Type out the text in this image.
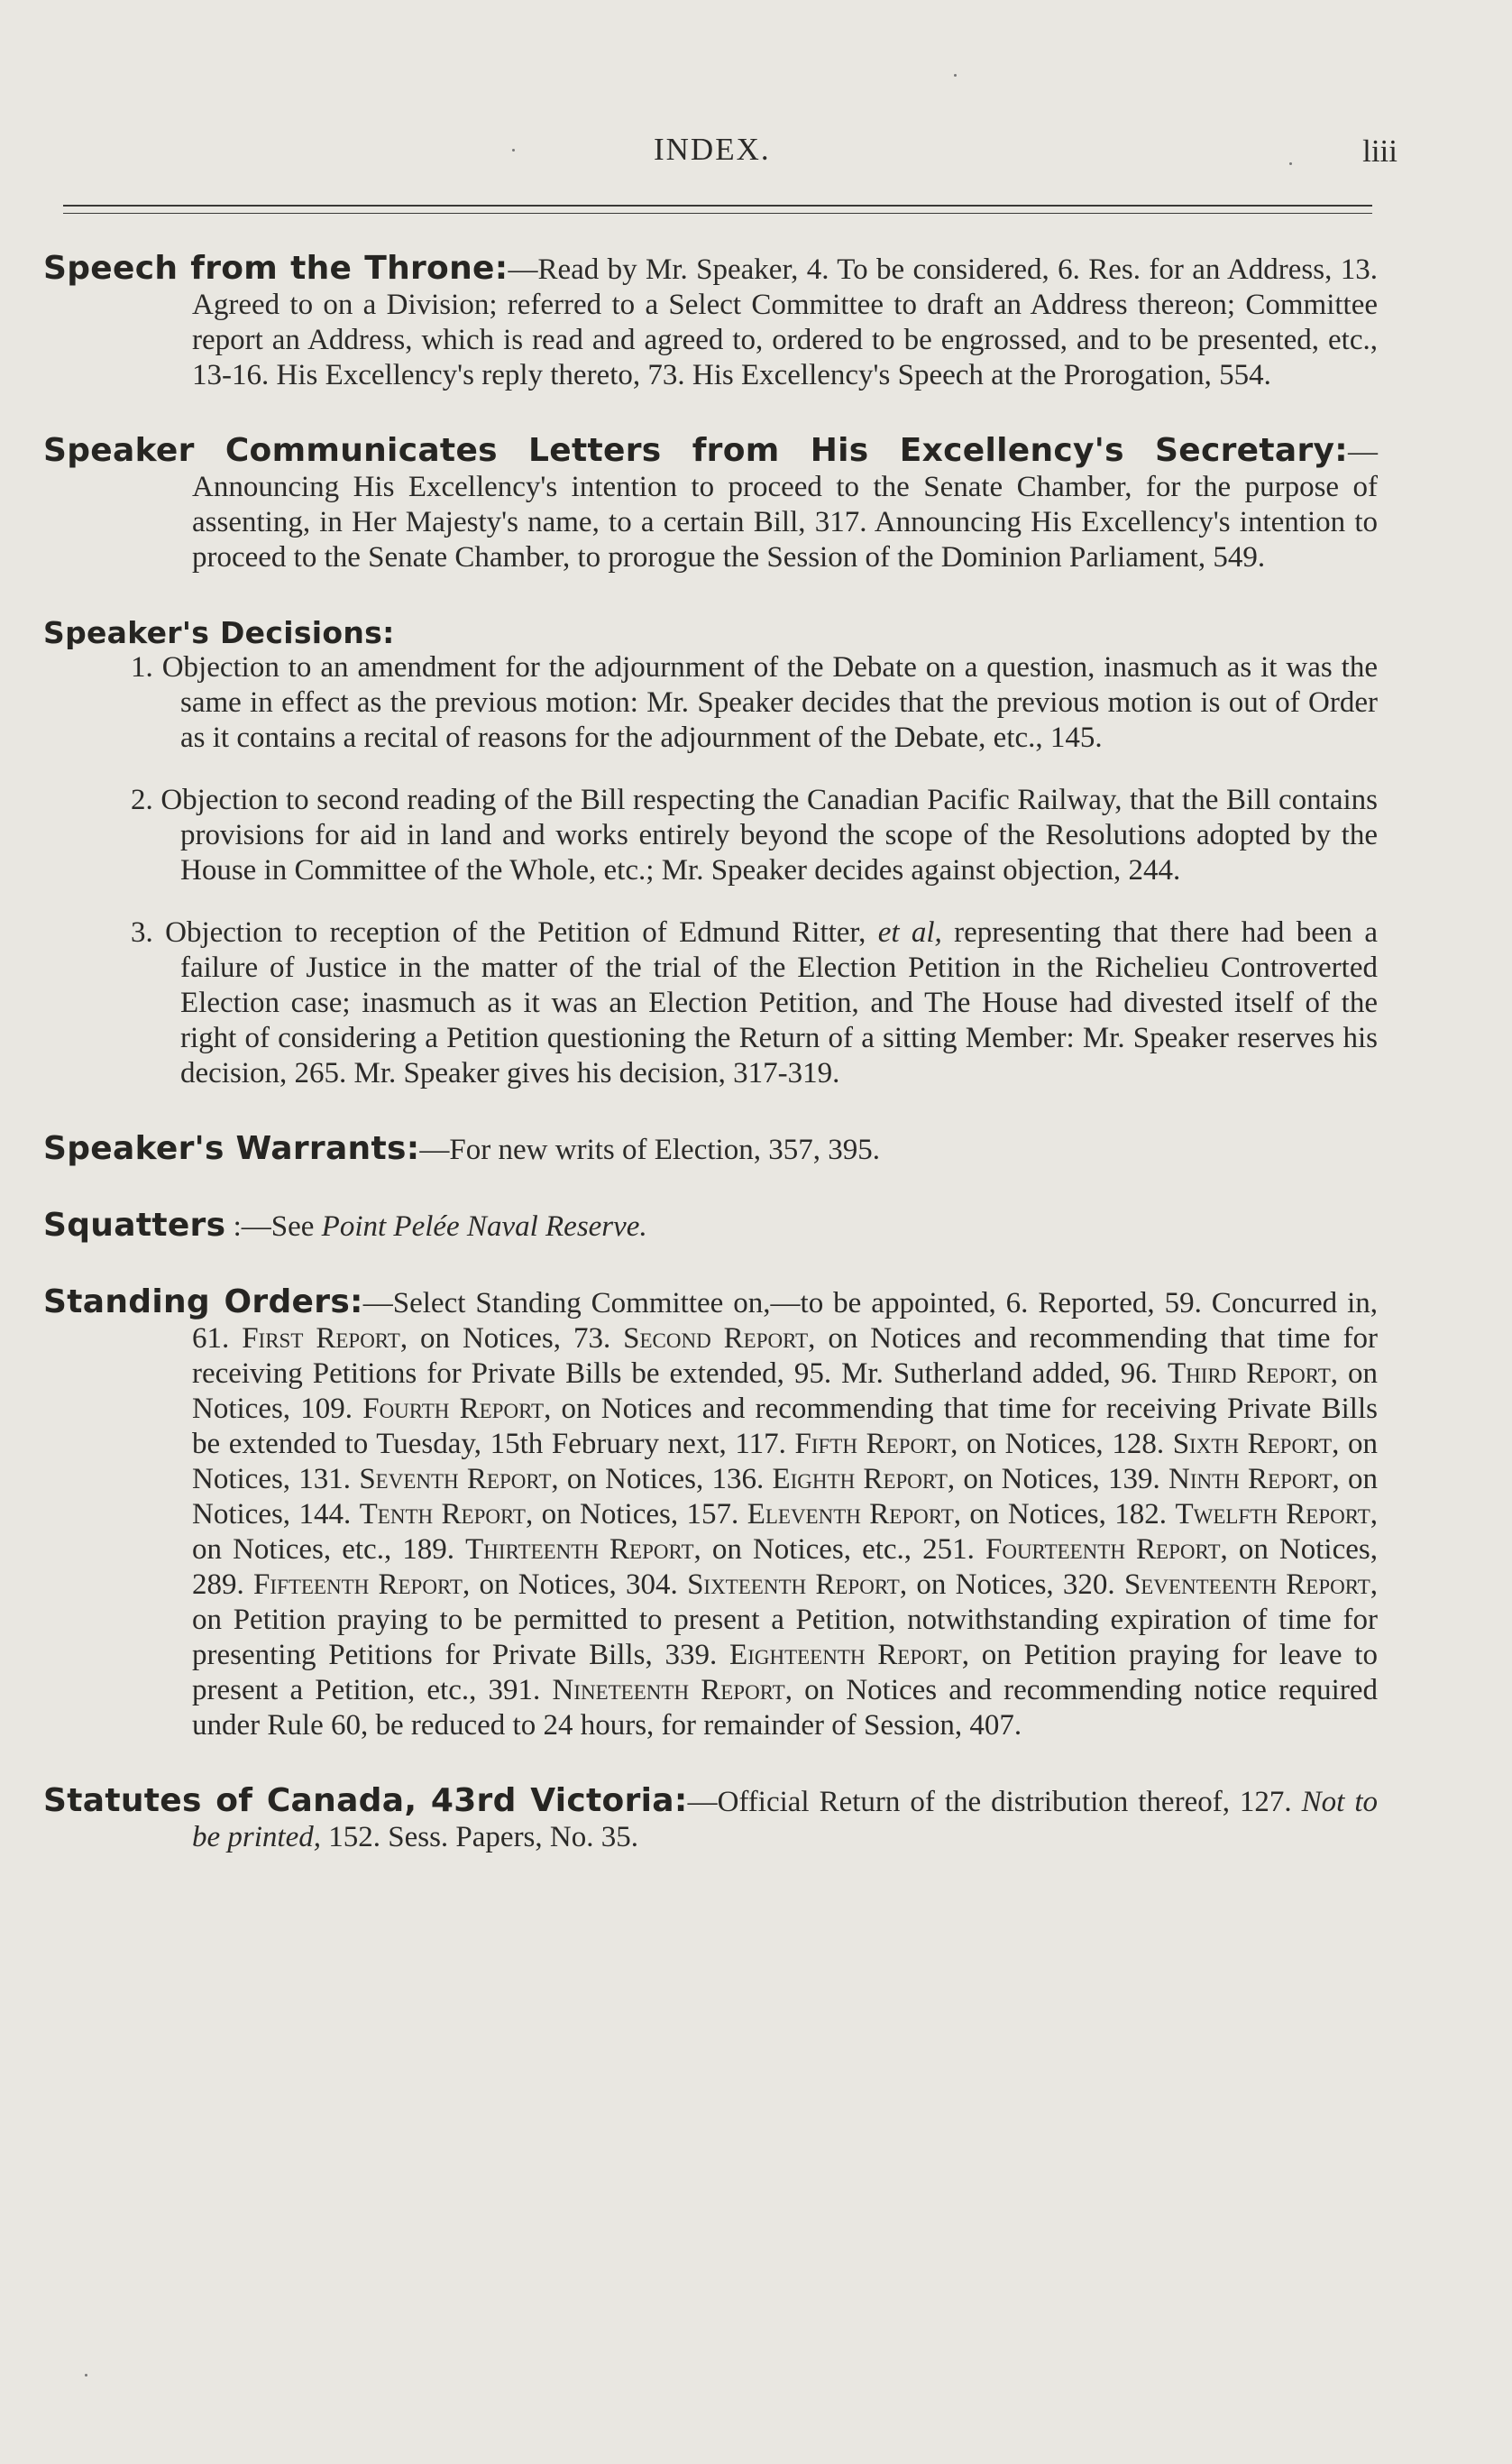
INDEX.	liii

Speech from the Throne:—Read by Mr. Speaker, 4. To be considered, 6. Res. for an Address, 13. Agreed to on a Division; referred to a Select Committee to draft an Address thereon; Committee report an Address, which is read and agreed to, ordered to be engrossed, and to be presented, etc., 13-16. His Excellency's reply thereto, 73. His Excellency's Speech at the Prorogation, 554.

Speaker Communicates Letters from His Excellency's Secretary:— Announcing His Excellency's intention to proceed to the Senate Chamber, for the purpose of assenting, in Her Majesty's name, to a certain Bill, 317. Announcing His Excellency's intention to proceed to the Senate Chamber, to prorogue the Session of the Dominion Parliament, 549.

Speaker's Decisions:

1. Objection to an amendment for the adjournment of the Debate on a question, inasmuch as it was the same in effect as the previous motion: Mr. Speaker decides that the previous motion is out of Order as it contains a recital of reasons for the adjournment of the Debate, etc., 145.

2. Objection to second reading of the Bill respecting the Canadian Pacific Railway, that the Bill contains provisions for aid in land and works entirely beyond the scope of the Resolutions adopted by the House in Committee of the Whole, etc.; Mr. Speaker decides against objection, 244.

3. Objection to reception of the Petition of Edmund Ritter, et al, representing that there had been a failure of Justice in the matter of the trial of the Election Petition in the Richelieu Controverted Election case; inasmuch as it was an Election Petition, and The House had divested itself of the right of considering a Petition questioning the Return of a sitting Member: Mr. Speaker reserves his decision, 265. Mr. Speaker gives his decision, 317-319.

Speaker's Warrants:—For new writs of Election, 357, 395.

Squatters :—See Point Pelée Naval Reserve.

Standing Orders:—Select Standing Committee on,—to be appointed, 6. Reported, 59. Concurred in, 61. First Report, on Notices, 73. Second Report, on Notices and recommending that time for receiving Petitions for Private Bills be extended, 95. Mr. Sutherland added, 96. Third Report, on Notices, 109. Fourth Report, on Notices and recommending that time for receiving Private Bills be extended to Tuesday, 15th February next, 117. Fifth Report, on Notices, 128. Sixth Report, on Notices, 131. Seventh Report, on Notices, 136. Eighth Report, on Notices, 139. Ninth Report, on Notices, 144. Tenth Report, on Notices, 157. Eleventh Report, on Notices, 182. Twelfth Report, on Notices, etc., 189. Thirteenth Report, on Notices, etc., 251. Fourteenth Report, on Notices, 289. Fifteenth Report, on Notices, 304. Sixteenth Report, on Notices, 320. Seventeenth Report, on Petition praying to be permitted to present a Petition, notwithstanding expiration of time for presenting Petitions for Private Bills, 339. Eighteenth Report, on Petition praying for leave to present a Petition, etc., 391. Nineteenth Report, on Notices and recommending notice required under Rule 60, be reduced to 24 hours, for remainder of Session, 407.

Statutes of Canada, 43rd Victoria:—Official Return of the distribution thereof, 127. Not to be printed, 152. Sess. Papers, No. 35.
